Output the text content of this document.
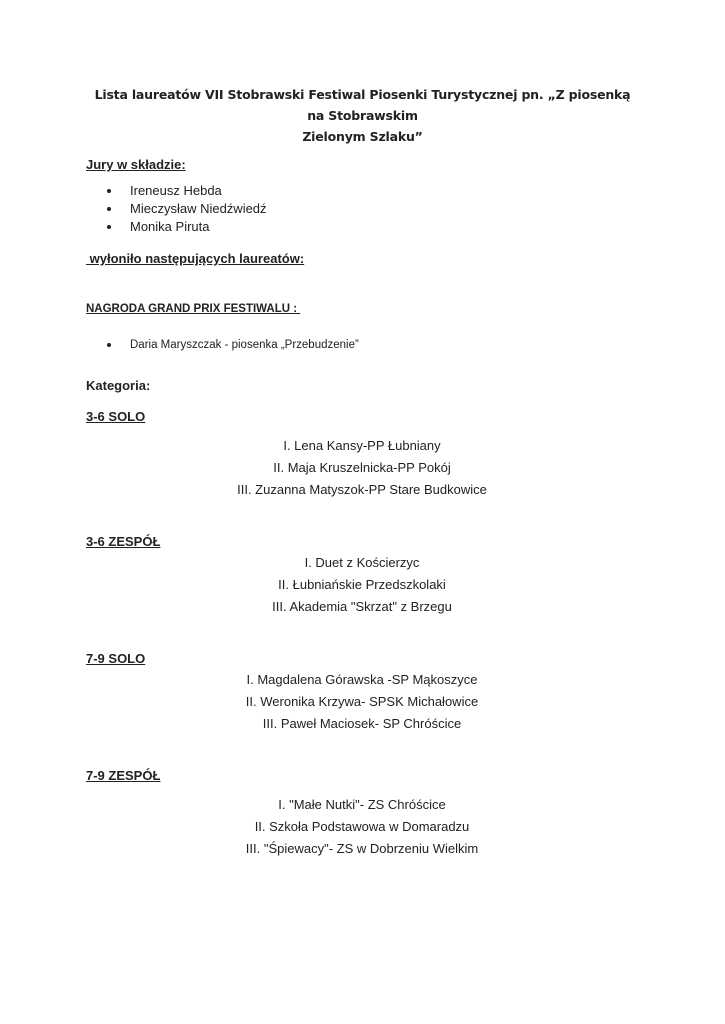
Lista laureatów VII Stobrawski Festiwal Piosenki Turystycznej pn. „Z piosenką na Stobrawskim
Zielonym Szlaku”
Jury w składzie:
Ireneusz Hebda
Mieczysław Niedźwiedź
Monika Piruta
wyłoniło następujących laureatów:
NAGRODA GRAND PRIX FESTIWALU :
Daria Maryszczak - piosenka „Przebudzenie”
Kategoria:
3-6 SOLO
I. Lena Kansy-PP Łubniany
II. Maja Kruszelnicka-PP Pokój
III. Zuzanna Matyszok-PP Stare Budkowice
3-6 ZESPÓŁ
I. Duet z Kościerzyc
II. Łubniańskie Przedszkolaki
III. Akademia "Skrzat" z Brzegu
7-9 SOLO
I. Magdalena Górawska -SP Mąkoszyce
II. Weronika Krzywa- SPSK Michałowice
III. Paweł Maciosek- SP Chróścice
7-9 ZESPÓŁ
I. "Małe Nutki"- ZS Chróścice
II. Szkoła Podstawowa w Domaradzu
III. "Śpiewacy"- ZS w Dobrzeniu Wielkim
